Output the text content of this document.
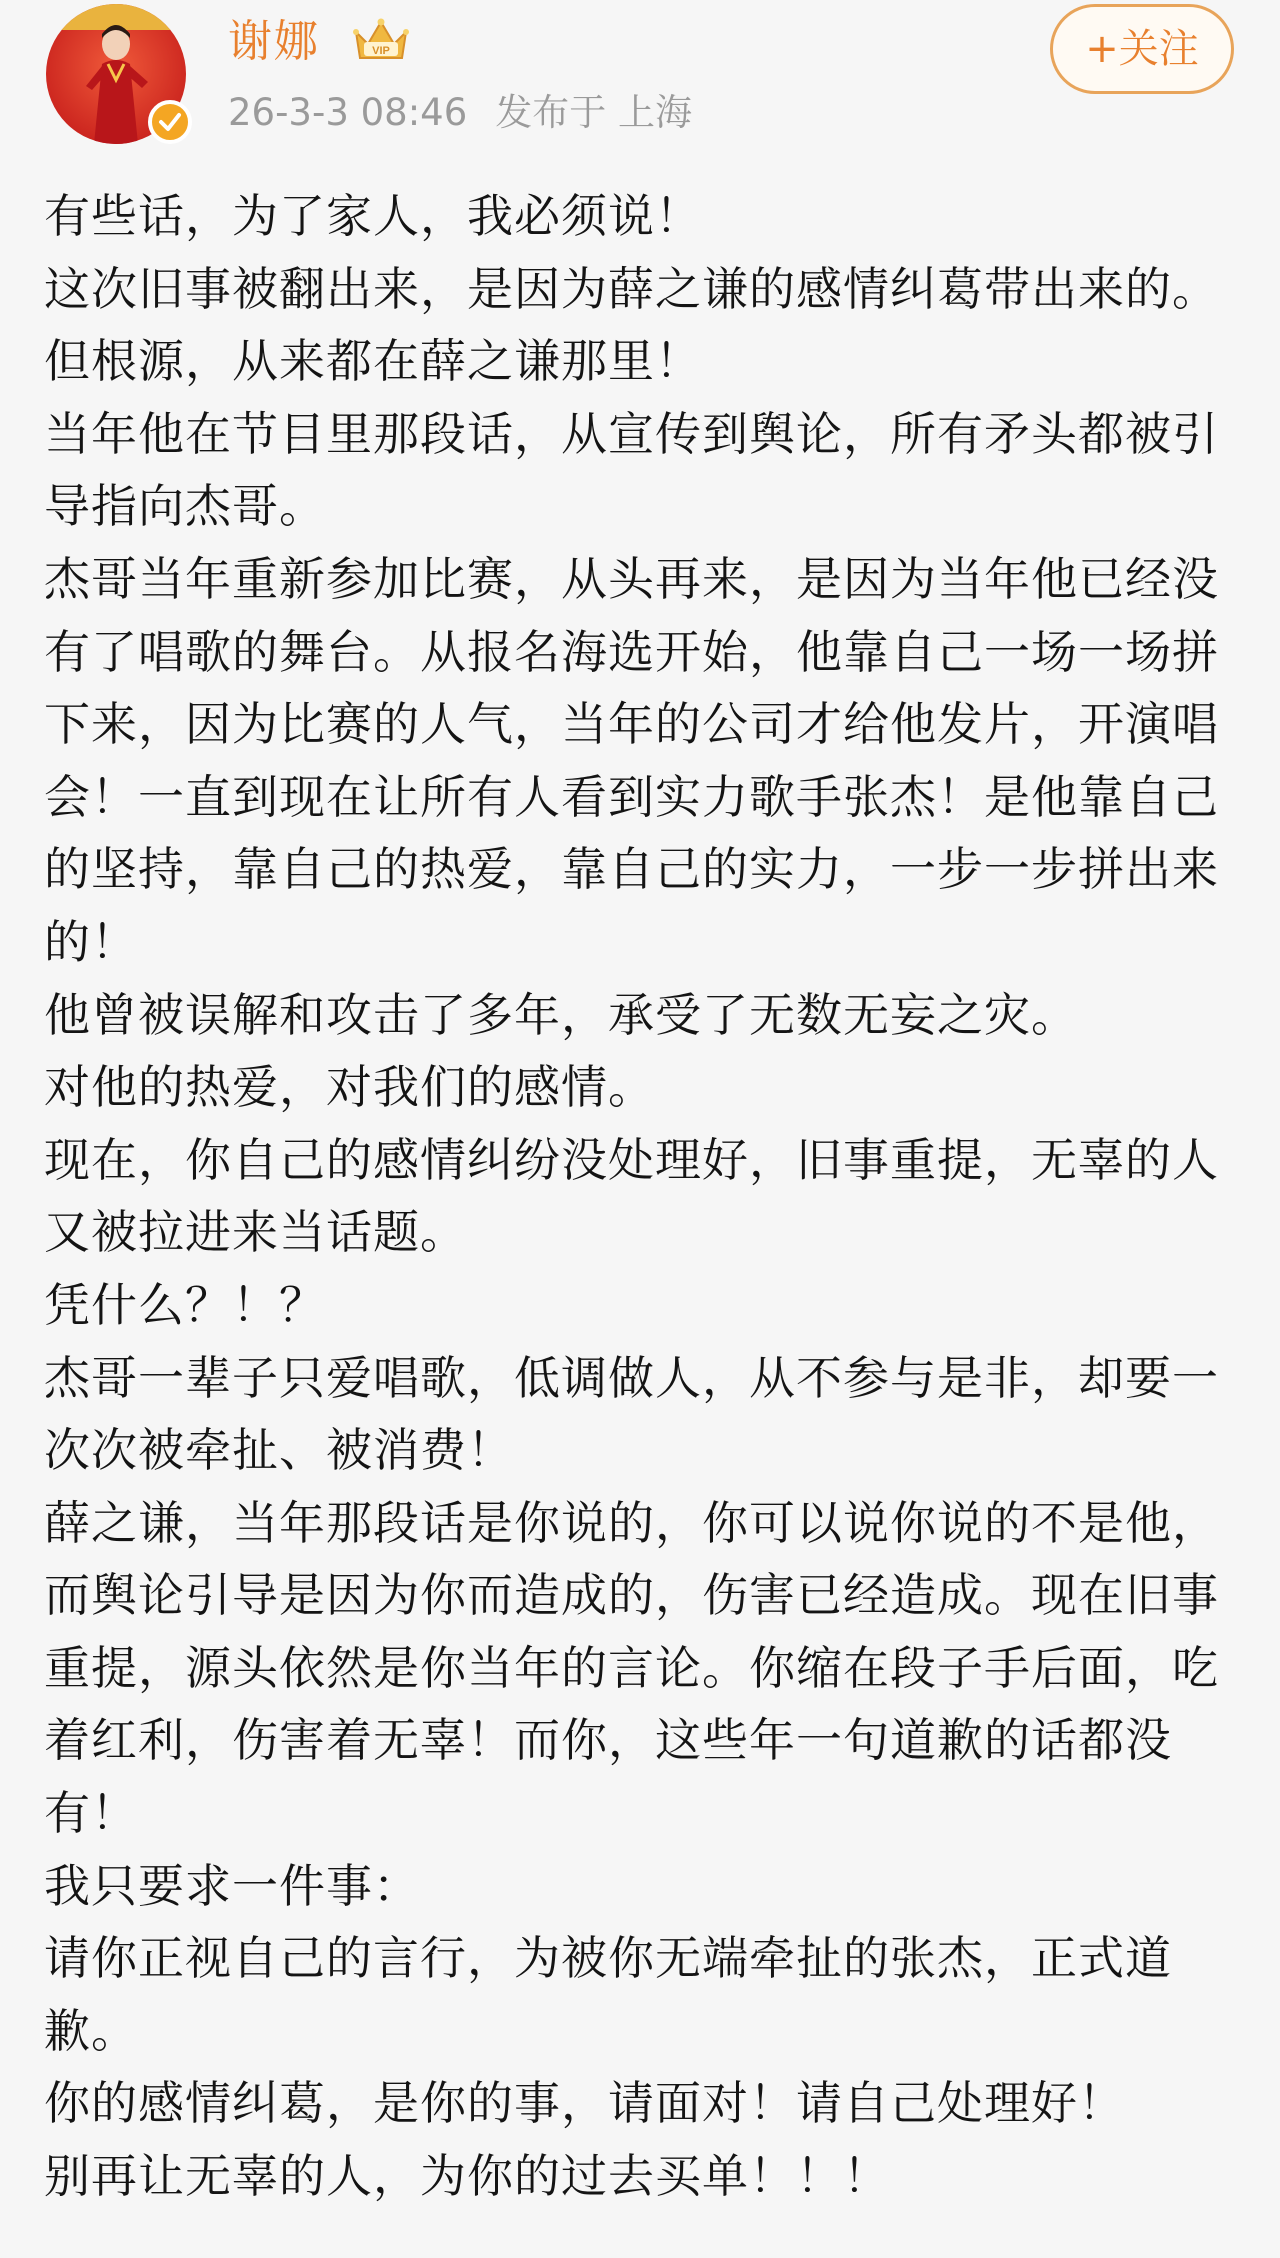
谢娜	VIP
26-3-3 08:46 发布于 上海
+关注

有些话，为了家人，我必须说！

这次旧事被翻出来，是因为薛之谦的感情纠葛带出来的。

但根源，从来都在薛之谦那里！

当年他在节目里那段话，从宣传到舆论，所有矛头都被引导指向杰哥。

杰哥当年重新参加比赛，从头再来，是因为当年他已经没有了唱歌的舞台。从报名海选开始，他靠自己一场一场拼下来，因为比赛的人气，当年的公司才给他发片，开演唱会！一直到现在让所有人看到实力歌手张杰！是他靠自己的坚持，靠自己的热爱，靠自己的实力，一步一步拼出来的！

他曾被误解和攻击了多年，承受了无数无妄之灾。

对他的热爱，对我们的感情。

现在，你自己的感情纠纷没处理好，旧事重提，无辜的人又被拉进来当话题。

凭什么？！？

杰哥一辈子只爱唱歌，低调做人，从不参与是非，却要一次次被牵扯、被消费！

薛之谦，当年那段话是你说的，你可以说你说的不是他，而舆论引导是因为你而造成的，伤害已经造成。现在旧事重提，源头依然是你当年的言论。你缩在段子手后面，吃着红利，伤害着无辜！而你，这些年一句道歉的话都没有！

我只要求一件事：

请你正视自己的言行，为被你无端牵扯的张杰，正式道歉。

你的感情纠葛，是你的事，请面对！请自己处理好！

别再让无辜的人，为你的过去买单！！！
